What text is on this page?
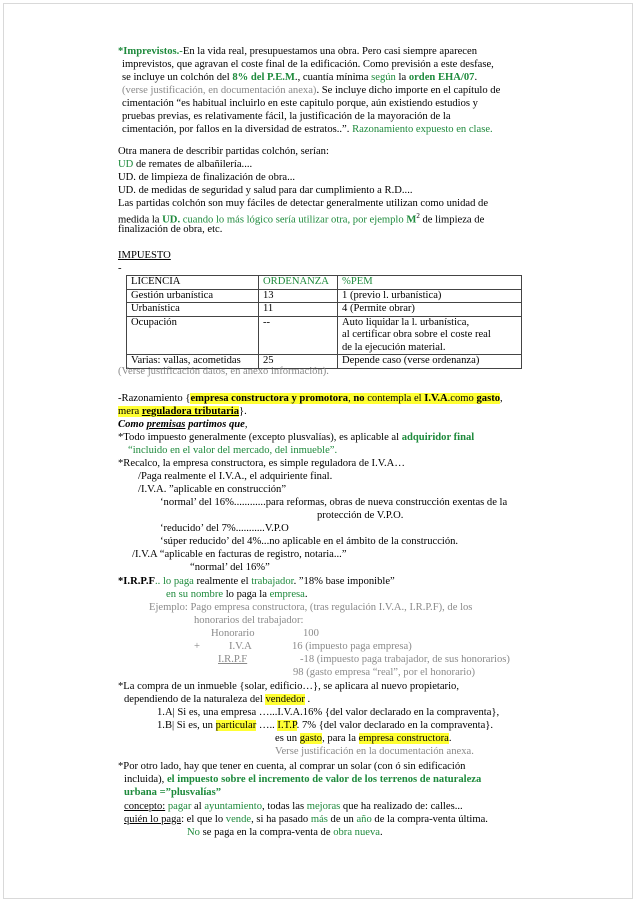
*Imprevistos.-En la vida real, presupuestamos una obra. Pero casi siempre aparecen
imprevistos, que agravan el coste final de la edificación. Como previsión a este desfase,
se incluye un colchón del 8% del P.E.M., cuantía mínima según la orden EHA/07.
(verse justificación, en documentación anexa). Se incluye dicho importe en el capítulo de
cimentación “es habitual incluirlo en este capitulo porque, aún existiendo estudios y
pruebas previas, es relativamente fácil, la justificación de la mayoración de la
cimentación, por fallos en la diversidad de estratos..”. Razonamiento expuesto en clase.
Otra manera de describir partidas colchón, serían:
UD de remates de albañilería....
UD. de limpieza de finalización de obra...
UD. de medidas de seguridad y salud para dar cumplimiento a R.D....
Las partidas colchón son muy fáciles de detectar generalmente utilizan como unidad de
medida la UD. cuando lo más lógico sería utilizar otra, por ejemplo $M^2$ de limpieza de
finalización de obra, etc.
IMPUESTO
-
LICENCIA	ORDENANZA	%PEM
Gestión urbanística	13	1 (previo l. urbanística)
Urbanística	11	4 (Permite obrar)
Ocupación	--	Auto liquidar la l. urbanística,
al certificar obra sobre el coste real
de la ejecución material.
Varias: vallas, acometidas	25	Depende caso (verse ordenanza)
(Verse justificación datos, en anexo información).
-Razonamiento {empresa constructora y promotora, no contempla el I.V.A.como gasto,
mera reguladora tributaria}.
Como premisas partimos que,
*Todo impuesto generalmente (excepto plusvalías), es aplicable al adquiridor final
“incluido en el valor del mercado, del inmueble”.
*Recalco, la empresa constructora, es simple reguladora de I.V.A…
/Paga realmente el I.V.A., el adquiriente final.
/I.V.A. ”aplicable en construcción”
‘normal’ del 16%............para reformas, obras de nueva construcción exentas de la
protección de V.P.O.
‘reducido’ del 7%...........V.P.O
‘súper reducido’ del 4%...no aplicable en el ámbito de la construcción.
/I.V.A “aplicable en facturas de registro, notaria...”
“normal’ del 16%”
*I.R.P.F.. lo paga realmente el trabajador. ”18% base imponible”
en su nombre lo paga la empresa.
Ejemplo: Pago empresa constructora, (tras regulación I.V.A., I.R.P.F), de los
honorarios del trabajador:
Honorario	100
+	I.V.A	16 (impuesto paga empresa)
I.R.P.F	-18 (impuesto paga trabajador, de sus honorarios)
98 (gasto empresa “real”, por el honorario)
*La compra de un inmueble {solar, edificio…}, se aplicara al nuevo propietario,
dependiendo de la naturaleza del vendedor .
1.A| Si es, una empresa …...I.V.A.16% {del valor declarado en la compraventa},
1.B| Si es, un particular ….. I.T.P. 7% {del valor declarado en la compraventa}.
es un gasto, para la empresa constructora.
Verse justificación en la documentación anexa.
*Por otro lado, hay que tener en cuenta, al comprar un solar (con ó sin edificación
incluida), el impuesto sobre el incremento de valor de los terrenos de naturaleza
urbana =”plusvalías”
concepto: pagar al ayuntamiento, todas las mejoras que ha realizado de: calles...
quién lo paga: el que lo vende, si ha pasado más de un año de la compra-venta última.
No se paga en la compra-venta de obra nueva.
